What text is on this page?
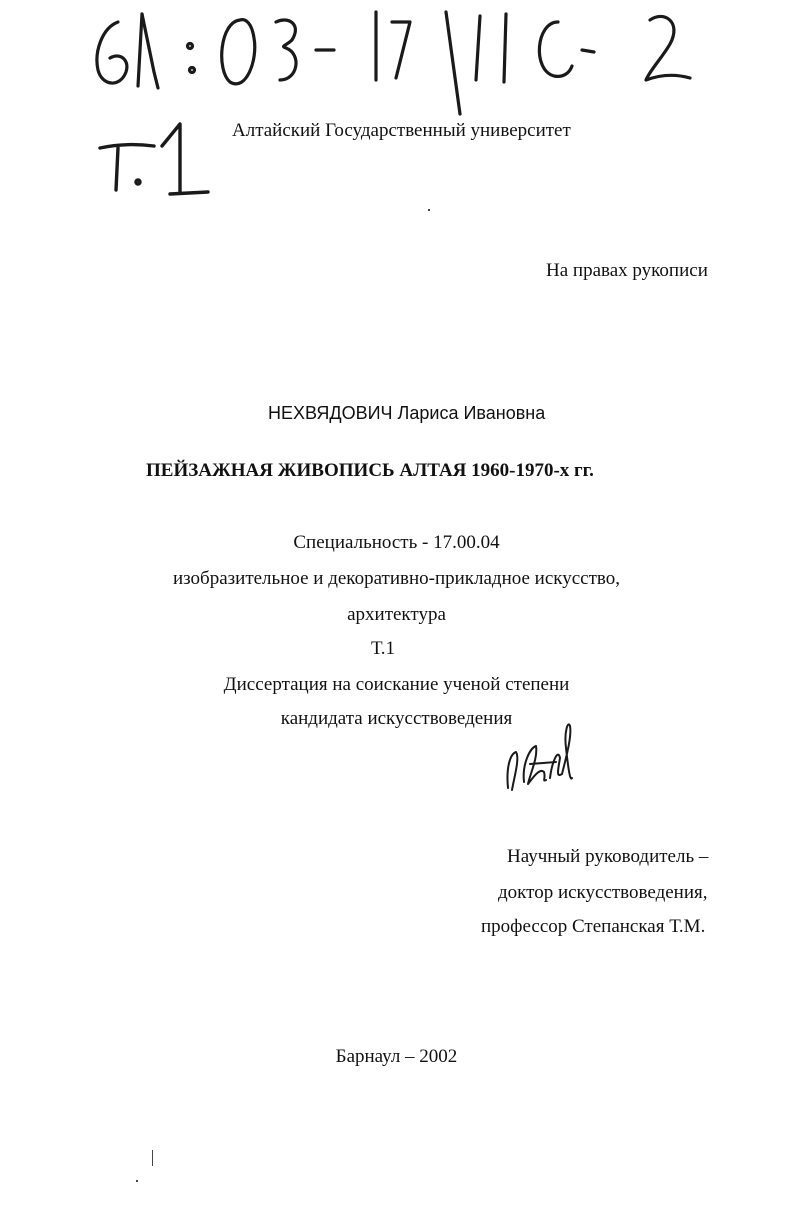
Алтайский Государственный университет
На правах рукописи
НЕХВЯДОВИЧ Лариса Ивановна
ПЕЙЗАЖНАЯ ЖИВОПИСЬ АЛТАЯ 1960-1970-х гг.
Специальность - 17.00.04
изобразительное и декоративно-прикладное искусство,
архитектура
Т.1
Диссертация на соискание ученой степени
кандидата искусствоведения
Научный руководитель –
доктор искусствоведения,
профессор Степанская Т.М.
Барнаул – 2002
